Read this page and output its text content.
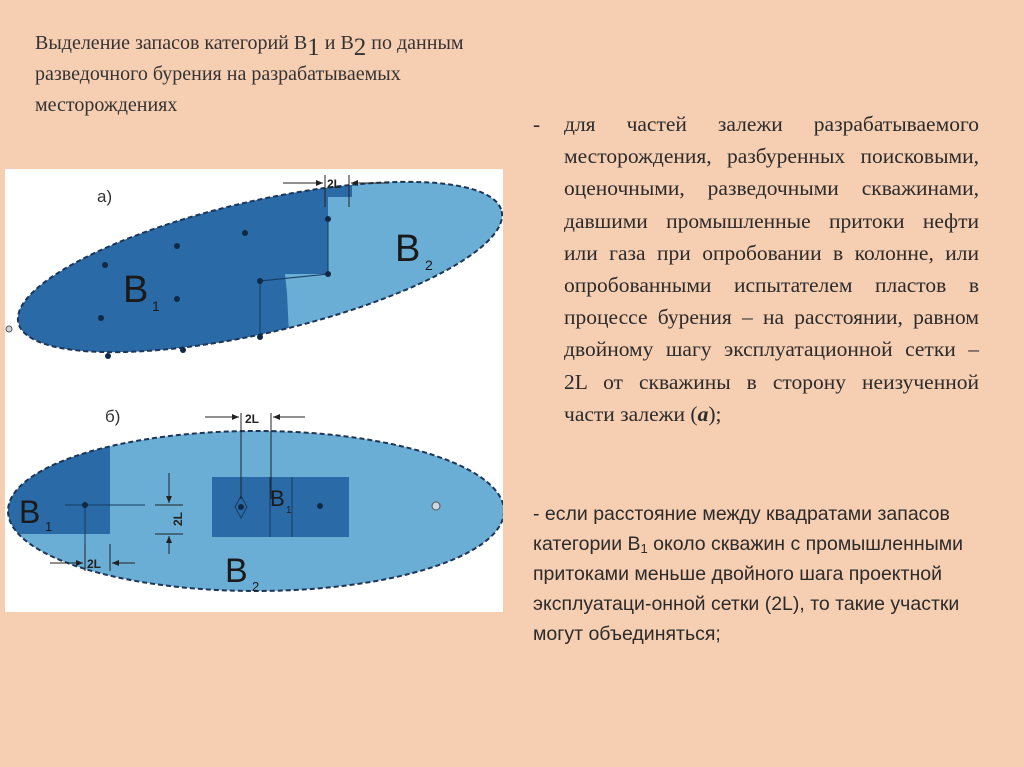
Выделение запасов категорий В1 и В2 по данным разведочного бурения на разрабатываемых месторождениях
а)
B 1
B 2
2L
б)
B 1
B 1
B 2
2L
2L
2L
- для частей залежи разрабатываемого месторождения, разбуренных поисковыми, оценочными, разведочными скважинами, давшими промышленные притоки нефти или газа при опробовании в колонне, или опробованными испытателем пластов в процессе бурения – на расстоянии, равном двойному шагу эксплуатационной сетки – 2L от скважины в сторону неизученной части залежи (а);
- если расстояние между квадратами запасов категории $В_1$ около скважин с промышленными притоками меньше двойного шага проектной эксплуатаци-онной сетки (2L), то такие участки могут объединяться;
